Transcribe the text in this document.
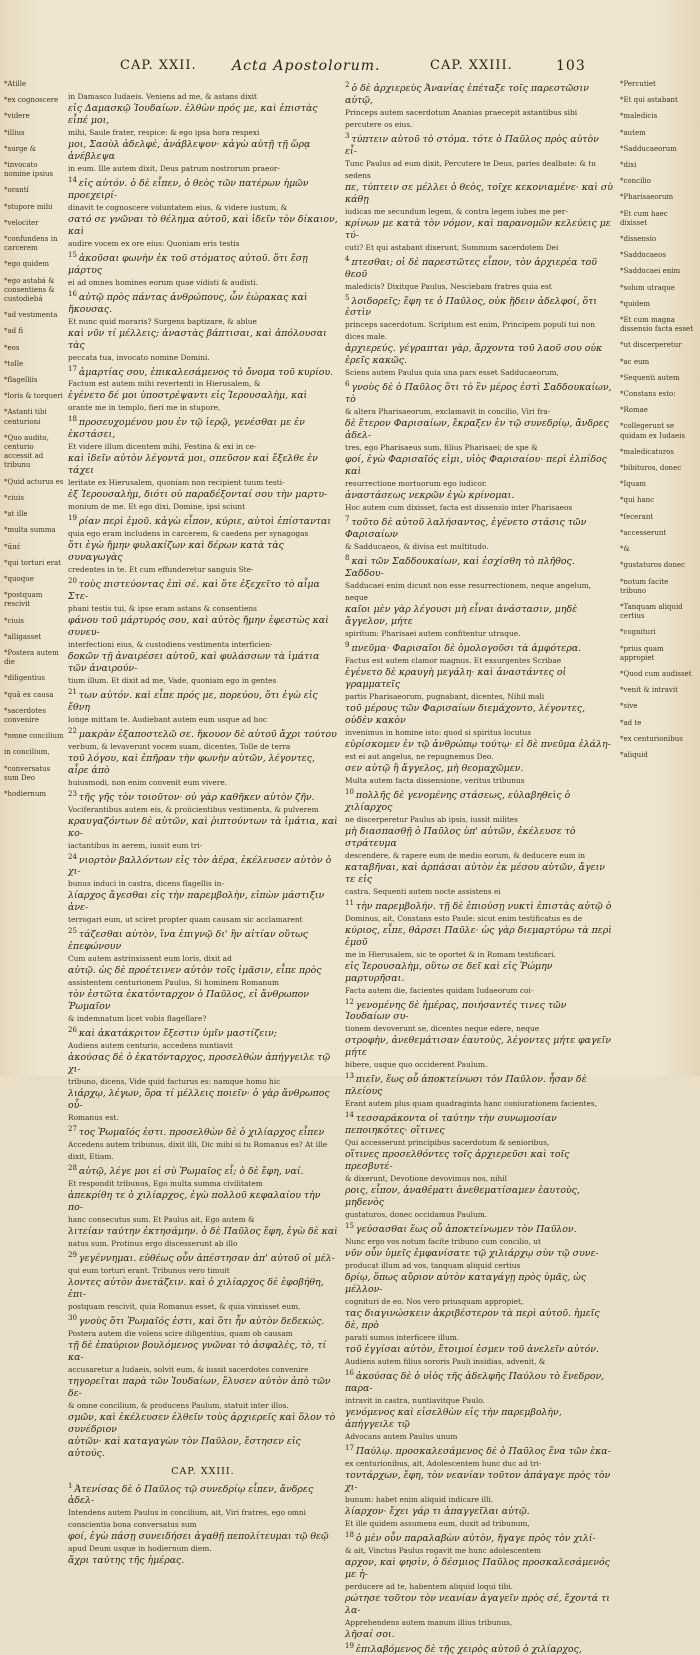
CAP. XXII.	Acta Apostolorum.	CAP. XXIII.	103
*Atille
*ex cognoscere
*videre
*illius
*surge &
*invocato nomine ipsius
*orantí
*stupore mihi
*velociter
*confundens in carcerem
*ego quidem
*ego astabá & consentiens & custodiebá
*ad vestimenta
*ad fi
*eos
*tolle
*flagelliis
*loris & torqueri
*Astanti tibi centurioni
*Quo audito, centurio accessit ad tribunu
*Quid acturus es
*ciuis
*at ille
*multa summa
*ᾱπέ
*qui torturi erat
*quoque
*postquam rescivit
*ciuis
*alligasset
*Postera autem die
*diligentius
*quā ex causa
*sacerdotes convenire
*omne concilium
in concilium,
*conversatus sum Deo
*hodiernum

in Damasco Iudaeis. Veniens ad me, & astans dixit

εἰς Δαμασκῷ Ἰουδαίων. ἐλθὼν πρός με, καὶ ἐπιστὰς εἶπέ μοι,
mihi, Saule frater, respice: & ego ipsa hora respexi

μοι, Σαοὺλ ἀδελφὲ, ἀνάβλεψον· κἀγὼ αὐτῇ τῇ ὥρᾳ ἀνέβλεψα
in eum. Ille autem dixit, Deus patrum nostrorum praeor-

$^{14}$ εἰς αὐτόν. ὁ δὲ εἶπεν, ὁ θεὸς τῶν πατέρων ἡμῶν προεχειρί-
dinavit te cognoscere voluntatem eius, & videre iustum, &

σατό σε γνῶναι τὸ θέλημα αὐτοῦ, καὶ ἰδεῖν τὸν δίκαιον, καὶ
audire vocem ex ore eius: Quoniam eris testis

$^{15}$ ἀκοῦσαι φωνὴν ἐκ τοῦ στόματος αὐτοῦ. ὅτι ἔσῃ μάρτυς
ei ad omnes homines eorum quae vidisti & audisti.

$^{16}$ αὐτῷ πρὸς πάντας ἀνθρώπους, ὧν ἑώρακας καὶ ἤκουσας.
Et nunc quid moraris? Surgens baptizare, & ablue

καὶ νῦν τί μέλλεις; ἀναστὰς βάπτισαι, καὶ ἀπόλουσαι τὰς
peccata tua, invocato nomine Domini.

$^{17}$ ἁμαρτίας σου, ἐπικαλεσάμενος τὸ ὄνομα τοῦ κυρίου.
Factum est autem mihi revertenti in Hierusalem, &

ἐγένετο δέ μοι ὑποστρέψαντι εἰς Ἱερουσαλὴμ, καὶ
orante me in templo, fieri me in stupore,

$^{18}$ προσευχομένου μου ἐν τῷ ἱερῷ, γενέσθαι με ἐν ἐκστάσει,
Et videre illum dicentem mihi, Festina & exi in ce-

καὶ ἰδεῖν αὐτὸν λέγοντά μοι, σπεῦσον καὶ ἔξελθε ἐν τάχει
leritate ex Hierusalem, quoniam non recipient tuum testi-

ἐξ Ἱερουσαλὴμ, διότι οὐ παραδέξονταί σου τὴν μαρτυ-
monium de me. Et ego dixi, Domine, ipsi sciunt

$^{19}$ ρίαν περὶ ἐμοῦ. κἀγὼ εἶπον, κύριε, αὐτοὶ ἐπίστανται
quia ego eram includens in carcerem, & caedens per synagogas

ὅτι ἐγὼ ἤμην φυλακίζων καὶ δέρων κατὰ τὰς συναγωγὰς
credentes in te. Et cum effunderetur sanguis Ste-

$^{20}$ τοὺς πιστεύοντας ἐπὶ σέ. καὶ ὅτε ἐξεχεῖτο τὸ αἷμα Στε-
phani testis tui, & ipse eram astans & consentiens

φάνου τοῦ μάρτυρός σου, καὶ αὐτὸς ἤμην ἐφεστὼς καὶ συνευ-
interfectioni eius, & custodiens vestimenta interficien-

δοκῶν τῇ ἀναιρέσει αὐτοῦ, καὶ φυλάσσων τὰ ἱμάτια τῶν ἀναιρούν-
tium illum. Et dixit ad me, Vade, quoniam ego in gentes

$^{21}$ των αὐτόν. καὶ εἶπε πρός με, πορεύου, ὅτι ἐγὼ εἰς ἔθνη
longe mittam te. Audiebant autem eum usque ad hoc

$^{22}$ μακρὰν ἐξαποστελῶ σε. ἤκουον δὲ αὐτοῦ ἄχρι τούτου
verbum, & levaverunt vocem suam, dicentes, Tolle de terra

τοῦ λόγου, καὶ ἐπῆραν τὴν φωνὴν αὐτῶν, λέγοντες, αἶρε ἀπὸ
huiusmodi, non enim convenit eum vivere.

$^{23}$ τῆς γῆς τὸν τοιοῦτον· οὐ γὰρ καθῆκεν αὐτὸν ζῆν.
Vociferantibus autem eis, & proiicientibus vestimenta, & pulverem

κραυγαζόντων δὲ αὐτῶν, καὶ ῥιπτούντων τὰ ἱμάτια, καὶ κο-
iactantibus in aerem, iussit eum tri-

$^{24}$ νιορτὸν βαλλόντων εἰς τὸν ἀέρα, ἐκέλευσεν αὐτὸν ὁ χι-
bunus induci in castra, dicens flagellis in-

λίαρχος ἄγεσθαι εἰς τὴν παρεμβολὴν, εἰπὼν μάστιξιν ἀνε-
terrogari eum, ut sciret propter quam causam sic acclamarent

$^{25}$ τάζεσθαι αὐτὸν, ἵνα ἐπιγνῷ δι' ἣν αἰτίαν οὕτως ἐπεφώνουν
Cum autem astrinxissent eum loris, dixit ad

αὐτῷ. ὡς δὲ προέτεινεν αὐτὸν τοῖς ἱμᾶσιν, εἶπε πρὸς
assistentem centurionem Paulus, Si hominem Romanum

τὸν ἑστῶτα ἑκατόνταρχον ὁ Παῦλος, εἰ ἄνθρωπον Ῥωμαῖον
& indemnatum licet vobis flagellare?

$^{26}$ καὶ ἀκατάκριτον ἔξεστιν ὑμῖν μαστίζειν;
Audiens autem centurio, accedens nuntiavit

ἀκούσας δὲ ὁ ἑκατόνταρχος, προσελθὼν ἀπήγγειλε τῷ χι-
tribuno, dicens, Vide quid facturus es: namque homo hic

λιάρχῳ, λέγων, ὅρα τί μέλλεις ποιεῖν· ὁ γὰρ ἄνθρωπος οὗ-
Romanus est.

$^{27}$ τος Ῥωμαῖός ἐστι. προσελθὼν δὲ ὁ χιλίαρχος εἶπεν
Accedens autem tribunus, dixit illi, Dic mihi si tu Romanus es? At ille dixit, Etiam.

$^{28}$ αὐτῷ, λέγε μοι εἰ σὺ Ῥωμαῖος εἶ; ὁ δὲ ἔφη, ναί.
Et respondit tribunus, Ego multa summa civilitatem

ἀπεκρίθη τε ὁ χιλίαρχος, ἐγὼ πολλοῦ κεφαλαίου τὴν πο-
hanc consecutus sum. Et Paulus ait, Ego autem &

λιτείαν ταύτην ἐκτησάμην. ὁ δὲ Παῦλος ἔφη, ἐγὼ δὲ καὶ
natus sum. Protinus ergo discesserunt ab illo

$^{29}$ γεγέννημαι. εὐθέως οὖν ἀπέστησαν ἀπ' αὐτοῦ οἱ μέλ-
qui eum torturi erant. Tribunus vero timuit

λοντες αὐτὸν ἀνετάζειν. καὶ ὁ χιλίαρχος δὲ ἐφοβήθη, ἐπι-
postquam rescivit, quia Romanus esset, & quia vinxisset eum.

$^{30}$ γνοὺς ὅτι Ῥωμαῖός ἐστι, καὶ ὅτι ἦν αὐτὸν δεδεκώς.
Postera autem die volens scire diligentius, quam ob causam

τῇ δὲ ἐπαύριον βουλόμενος γνῶναι τὸ ἀσφαλὲς, τὸ, τί κα-
accusaretur a Iudaeis, solvit eum, & iussit sacerdotes convenire

τηγορεῖται παρὰ τῶν Ἰουδαίων, ἔλυσεν αὐτὸν ἀπὸ τῶν δε-
& omne concilium, & producens Paulum, statuit inter illos.

σμῶν, καὶ ἐκέλευσεν ἐλθεῖν τοὺς ἀρχιερεῖς καὶ ὅλον τὸ συνέδριον

αὐτῶν· καὶ καταγαγὼν τὸν Παῦλον, ἔστησεν εἰς αὐτούς.

CAP. XXIII.

$^1$ Ἀτενίσας δὲ ὁ Παῦλος τῷ συνεδρίῳ εἶπεν, ἄνδρες ἀδελ-
Intendens autem Paulus in concilium, ait, Viri fratres, ego omni conscientia bona conversatus sum

φοί, ἐγὼ πάσῃ συνειδήσει ἀγαθῇ πεπολίτευμαι τῷ θεῷ
apud Deum usque in hodiernum diem.

ἄχρι ταύτης τῆς ἡμέρας.

$^2$ ὁ δὲ ἀρχιερεὺς Ἀνανίας ἐπέταξε τοῖς παρεστῶσιν αὐτῷ,
Princeps autem sacerdotum Ananias praecepit astantibus sibi percutere os eius.

$^3$ τύπτειν αὐτοῦ τὸ στόμα. τότε ὁ Παῦλος πρὸς αὐτὸν εἶ-
Tunc Paulus ad eum dixit, Percutere te Deus, paries dealbate: & tu sedens

πε, τύπτειν σε μέλλει ὁ θεὸς, τοῖχε κεκονιαμένε· καὶ σὺ κάθῃ
iudicas me secundum legem, & contra legem iubes me per-

κρίνων με κατὰ τὸν νόμον, καὶ παρανομῶν κελεύεις με τύ-
cuti? Et qui astabant dixerunt, Summum sacerdotem Dei

$^4$ πτεσθαι; οἱ δὲ παρεστῶτες εἶπον, τὸν ἀρχιερέα τοῦ θεοῦ
maledicis? Dixitque Paulus, Nesciebam fratres quia est

$^5$ λοιδορεῖς; ἔφη τε ὁ Παῦλος, οὐκ ᾔδειν ἀδελφοί, ὅτι ἐστὶν
princeps sacerdotum. Scriptum est enim, Principem populi tui non dices male.

ἀρχιερεύς. γέγραπται γὰρ, ἄρχοντα τοῦ λαοῦ σου οὐκ ἐρεῖς κακῶς.
Sciens autem Paulus quia una pars esset Sadducaeorum,

$^6$ γνοὺς δὲ ὁ Παῦλος ὅτι τὸ ἓν μέρος ἐστὶ Σαδδουκαίων, τὸ
& altera Pharisaeorum, exclamavit in concilio, Viri fra-

δὲ ἕτερον Φαρισαίων, ἔκραξεν ἐν τῷ συνεδρίῳ, ἄνδρες ἀδελ-
tres, ego Pharisaeus sum, filius Pharisaei; de spe &

φοί, ἐγὼ Φαρισαῖός εἰμι, υἱὸς Φαρισαίου· περὶ ἐλπίδος καὶ
resurrectione mortuorum ego iudicor.

ἀναστάσεως νεκρῶν ἐγὼ κρίνομαι.
Hoc autem cum dixisset, facta est dissensio inter Pharisaeos

$^7$ τοῦτο δὲ αὐτοῦ λαλήσαντος, ἐγένετο στάσις τῶν Φαρισαίων
& Sadducaeos, & divisa est multitudo.

$^8$ καὶ τῶν Σαδδουκαίων, καὶ ἐσχίσθη τὸ πλῆθος. Σαδδου-
Sadducaei enim dicunt non esse resurrectionem, neque angelum, neque

καῖοι μὲν γὰρ λέγουσι μὴ εἶναι ἀνάστασιν, μηδὲ ἄγγελον, μήτε
spiritum: Pharisaei autem confitentur utraque.

$^9$ πνεῦμα· Φαρισαῖοι δὲ ὁμολογοῦσι τὰ ἀμφότερα.
Factus est autem clamor magnus. Et exsurgentes Scribae

ἐγένετο δὲ κραυγὴ μεγάλη· καὶ ἀναστάντες οἱ γραμματεῖς
partis Pharisaeorum, pugnabant, dicentes, Nihil mali

τοῦ μέρους τῶν Φαρισαίων διεμάχοντο, λέγοντες, οὐδὲν κακὸν
invenimus in homine isto: quod si spiritus locutus

εὑρίσκομεν ἐν τῷ ἀνθρώπῳ τούτῳ· εἰ δὲ πνεῦμα ἐλάλη-
est ei aut angelus, ne repugnemus Deo.

σεν αὐτῷ ἢ ἄγγελος, μὴ θεομαχῶμεν.
Multa autem facta dissensione, veritus tribunus

$^{10}$ πολλῆς δὲ γενομένης στάσεως, εὐλαβηθεὶς ὁ χιλίαρχος
ne discerperetur Paulus ab ipsis, iussit milites

μὴ διασπασθῇ ὁ Παῦλος ὑπ' αὐτῶν, ἐκέλευσε τὸ στράτευμα
descendere, & rapere eum de medio eorum, & deducere eum in

καταβῆναι, καὶ ἁρπάσαι αὐτὸν ἐκ μέσου αὐτῶν, ἄγειν τε εἰς
castra. Sequenti autem nocte assistens ei

$^{11}$ τὴν παρεμβολήν. τῇ δὲ ἐπιούσῃ νυκτὶ ἐπιστὰς αὐτῷ ὁ
Dominus, ait, Constans esto Paule: sicut enim testificatus es de

κύριος, εἶπε, θάρσει Παῦλε· ὡς γὰρ διεμαρτύρω τὰ περὶ ἐμοῦ
me in Hierusalem, sic te oportet & in Romam testificari.

εἰς Ἱερουσαλὴμ, οὕτω σε δεῖ καὶ εἰς Ῥώμην μαρτυρῆσαι.
Facta autem die, facientes quidam Iudaeorum coi-

$^{12}$ γενομένης δὲ ἡμέρας, ποιήσαντές τινες τῶν Ἰουδαίων συ-
tionem devoverunt se, dicentes neque edere, neque

στροφὴν, ἀνεθεμάτισαν ἑαυτοὺς, λέγοντες μήτε φαγεῖν μήτε
bibere, usque quo occiderent Paulum.

$^{13}$ πιεῖν, ἕως οὗ ἀποκτείνωσι τὸν Παῦλον. ἦσαν δὲ πλείους
Erant autem plus quam quadraginta hanc coniurationem facientes,

$^{14}$ τεσσαράκοντα οἱ ταύτην τὴν συνωμοσίαν πεποιηκότες· οἵτινες
Qui accesserunt principibus sacerdotum & senioribus,

οἵτινες προσελθόντες τοῖς ἀρχιερεῦσι καὶ τοῖς πρεσβυτέ-
& dixerunt, Devotione devovimus nos, nihil

ροις, εἶπον, ἀναθέματι ἀνεθεματίσαμεν ἑαυτοὺς, μηδενὸς
gustaturos, donec occidamus Paulum.

$^{15}$ γεύσασθαι ἕως οὗ ἀποκτείνωμεν τὸν Παῦλον.
Nunc ergo vos notum facite tribuno cum concilio, ut

νῦν οὖν ὑμεῖς ἐμφανίσατε τῷ χιλιάρχῳ σὺν τῷ συνε-
producat illum ad vos, tanquam aliquid certius

δρίῳ, ὅπως αὔριον αὐτὸν καταγάγῃ πρὸς ὑμᾶς, ὡς μέλλον-
cognituri de eo. Nos vero priusquam appropiet,

τας διαγινώσκειν ἀκριβέστερον τὰ περὶ αὐτοῦ. ἡμεῖς δὲ, πρὸ
parati sumus interficere illum.

τοῦ ἐγγίσαι αὐτὸν, ἕτοιμοί ἐσμεν τοῦ ἀνελεῖν αὐτόν.
Audiens autem filius sororis Pauli insidias, advenit, &

$^{16}$ ἀκούσας δὲ ὁ υἱὸς τῆς ἀδελφῆς Παύλου τὸ ἔνεδρον, παρα-
intravit in castra, nuntiavitque Paulo.

γενόμενος καὶ εἰσελθὼν εἰς τὴν παρεμβολὴν, ἀπήγγειλε τῷ
Advocans autem Paulus unum

$^{17}$ Παύλῳ. προσκαλεσάμενος δὲ ὁ Παῦλος ἕνα τῶν ἑκα-
ex centurionibus, ait, Adolescentem hunc duc ad tri-

τοντάρχων, ἔφη, τὸν νεανίαν τοῦτον ἀπάγαγε πρὸς τὸν χι-
bunum: habet enim aliquid indicare illi.

λίαρχον· ἔχει γάρ τι ἀπαγγεῖλαι αὐτῷ.
Et ille quidem assumens eum, duxit ad tribunum,

$^{18}$ ὁ μὲν οὖν παραλαβὼν αὐτὸν, ἤγαγε πρὸς τὸν χιλί-
& ait, Vinctus Paulus rogavit me hunc adolescentem

αρχον, καὶ φησὶν, ὁ δέσμιος Παῦλος προσκαλεσάμενός με ἠ-
perducere ad te, habentem aliquid loqui tibi.

ρώτησε τοῦτον τὸν νεανίαν ἀγαγεῖν πρὸς σέ, ἔχοντά τι λα-
Apprehendens autem manum illius tribunus,

λῆσαί σοι.

$^{19}$ ἐπιλαβόμενος δὲ τῆς χειρὸς αὐτοῦ ὁ χιλίαρχος,

*Percutiet
*Et qui astabant
*maledicis
*autem
*Sadducaeorum
*dixi
*concilio
*Pharisaeorum
*Et cum haec dixisset
*dissensio
*Sadducaeos
*Sadducaei enim
*solum utraque
*quidem
*Et cum magna dissensio facta esset
*ut discerperetur
*ac eum
*Sequenti autem
*Constans esto:
*Romae
*collegerunt se quidam ex Iudaeis
*maledicaturos
*bibituros, donec
*Iquam
*qui hanc
*fecerant
*accesserunt
*&
*gustaturos donec
*notum facite tribuno
*Tanquam aliquid certius
*cognituri
*prius quam appropiet
*Quod cum audisset
*venit & intravit
*sive
*ad te
*ex centurionibus
*aliquid
